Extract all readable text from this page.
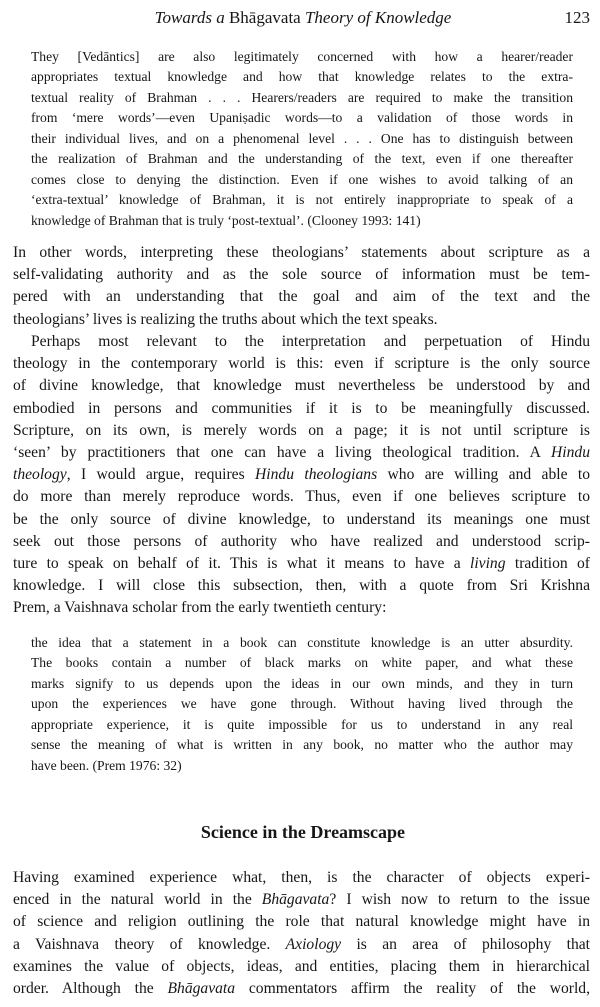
Towards a Bhāgavata Theory of Knowledge	123
They [Vedāntics] are also legitimately concerned with how a hearer/reader
appropriates textual knowledge and how that knowledge relates to the extra-
textual reality of Brahman . . . Hearers/readers are required to make the transition
from ‘mere words’—even Upaniṣadic words—to a validation of those words in
their individual lives, and on a phenomenal level . . . One has to distinguish between
the realization of Brahman and the understanding of the text, even if one thereafter
comes close to denying the distinction. Even if one wishes to avoid talking of an
‘extra-textual’ knowledge of Brahman, it is not entirely inappropriate to speak of a
knowledge of Brahman that is truly ‘post-textual’. (Clooney 1993: 141)
In other words, interpreting these theologians’ statements about scripture as a
self-validating authority and as the sole source of information must be tem-
pered with an understanding that the goal and aim of the text and the
theologians’ lives is realizing the truths about which the text speaks.
Perhaps most relevant to the interpretation and perpetuation of Hindu
theology in the contemporary world is this: even if scripture is the only source
of divine knowledge, that knowledge must nevertheless be understood by and
embodied in persons and communities if it is to be meaningfully discussed.
Scripture, on its own, is merely words on a page; it is not until scripture is
‘seen’ by practitioners that one can have a living theological tradition. A Hindu
theology, I would argue, requires Hindu theologians who are willing and able to
do more than merely reproduce words. Thus, even if one believes scripture to
be the only source of divine knowledge, to understand its meanings one must
seek out those persons of authority who have realized and understood scrip-
ture to speak on behalf of it. This is what it means to have a living tradition of
knowledge. I will close this subsection, then, with a quote from Sri Krishna
Prem, a Vaishnava scholar from the early twentieth century:
the idea that a statement in a book can constitute knowledge is an utter absurdity.
The books contain a number of black marks on white paper, and what these
marks signify to us depends upon the ideas in our own minds, and they in turn
upon the experiences we have gone through. Without having lived through the
appropriate experience, it is quite impossible for us to understand in any real
sense the meaning of what is written in any book, no matter who the author may
have been. (Prem 1976: 32)
Science in the Dreamscape
Having examined experience what, then, is the character of objects experi-
enced in the natural world in the Bhāgavata? I wish now to return to the issue
of science and religion outlining the role that natural knowledge might have in
a Vaishnava theory of knowledge. Axiology is an area of philosophy that
examines the value of objects, ideas, and entities, placing them in hierarchical
order. Although the Bhāgavata commentators affirm the reality of the world,
